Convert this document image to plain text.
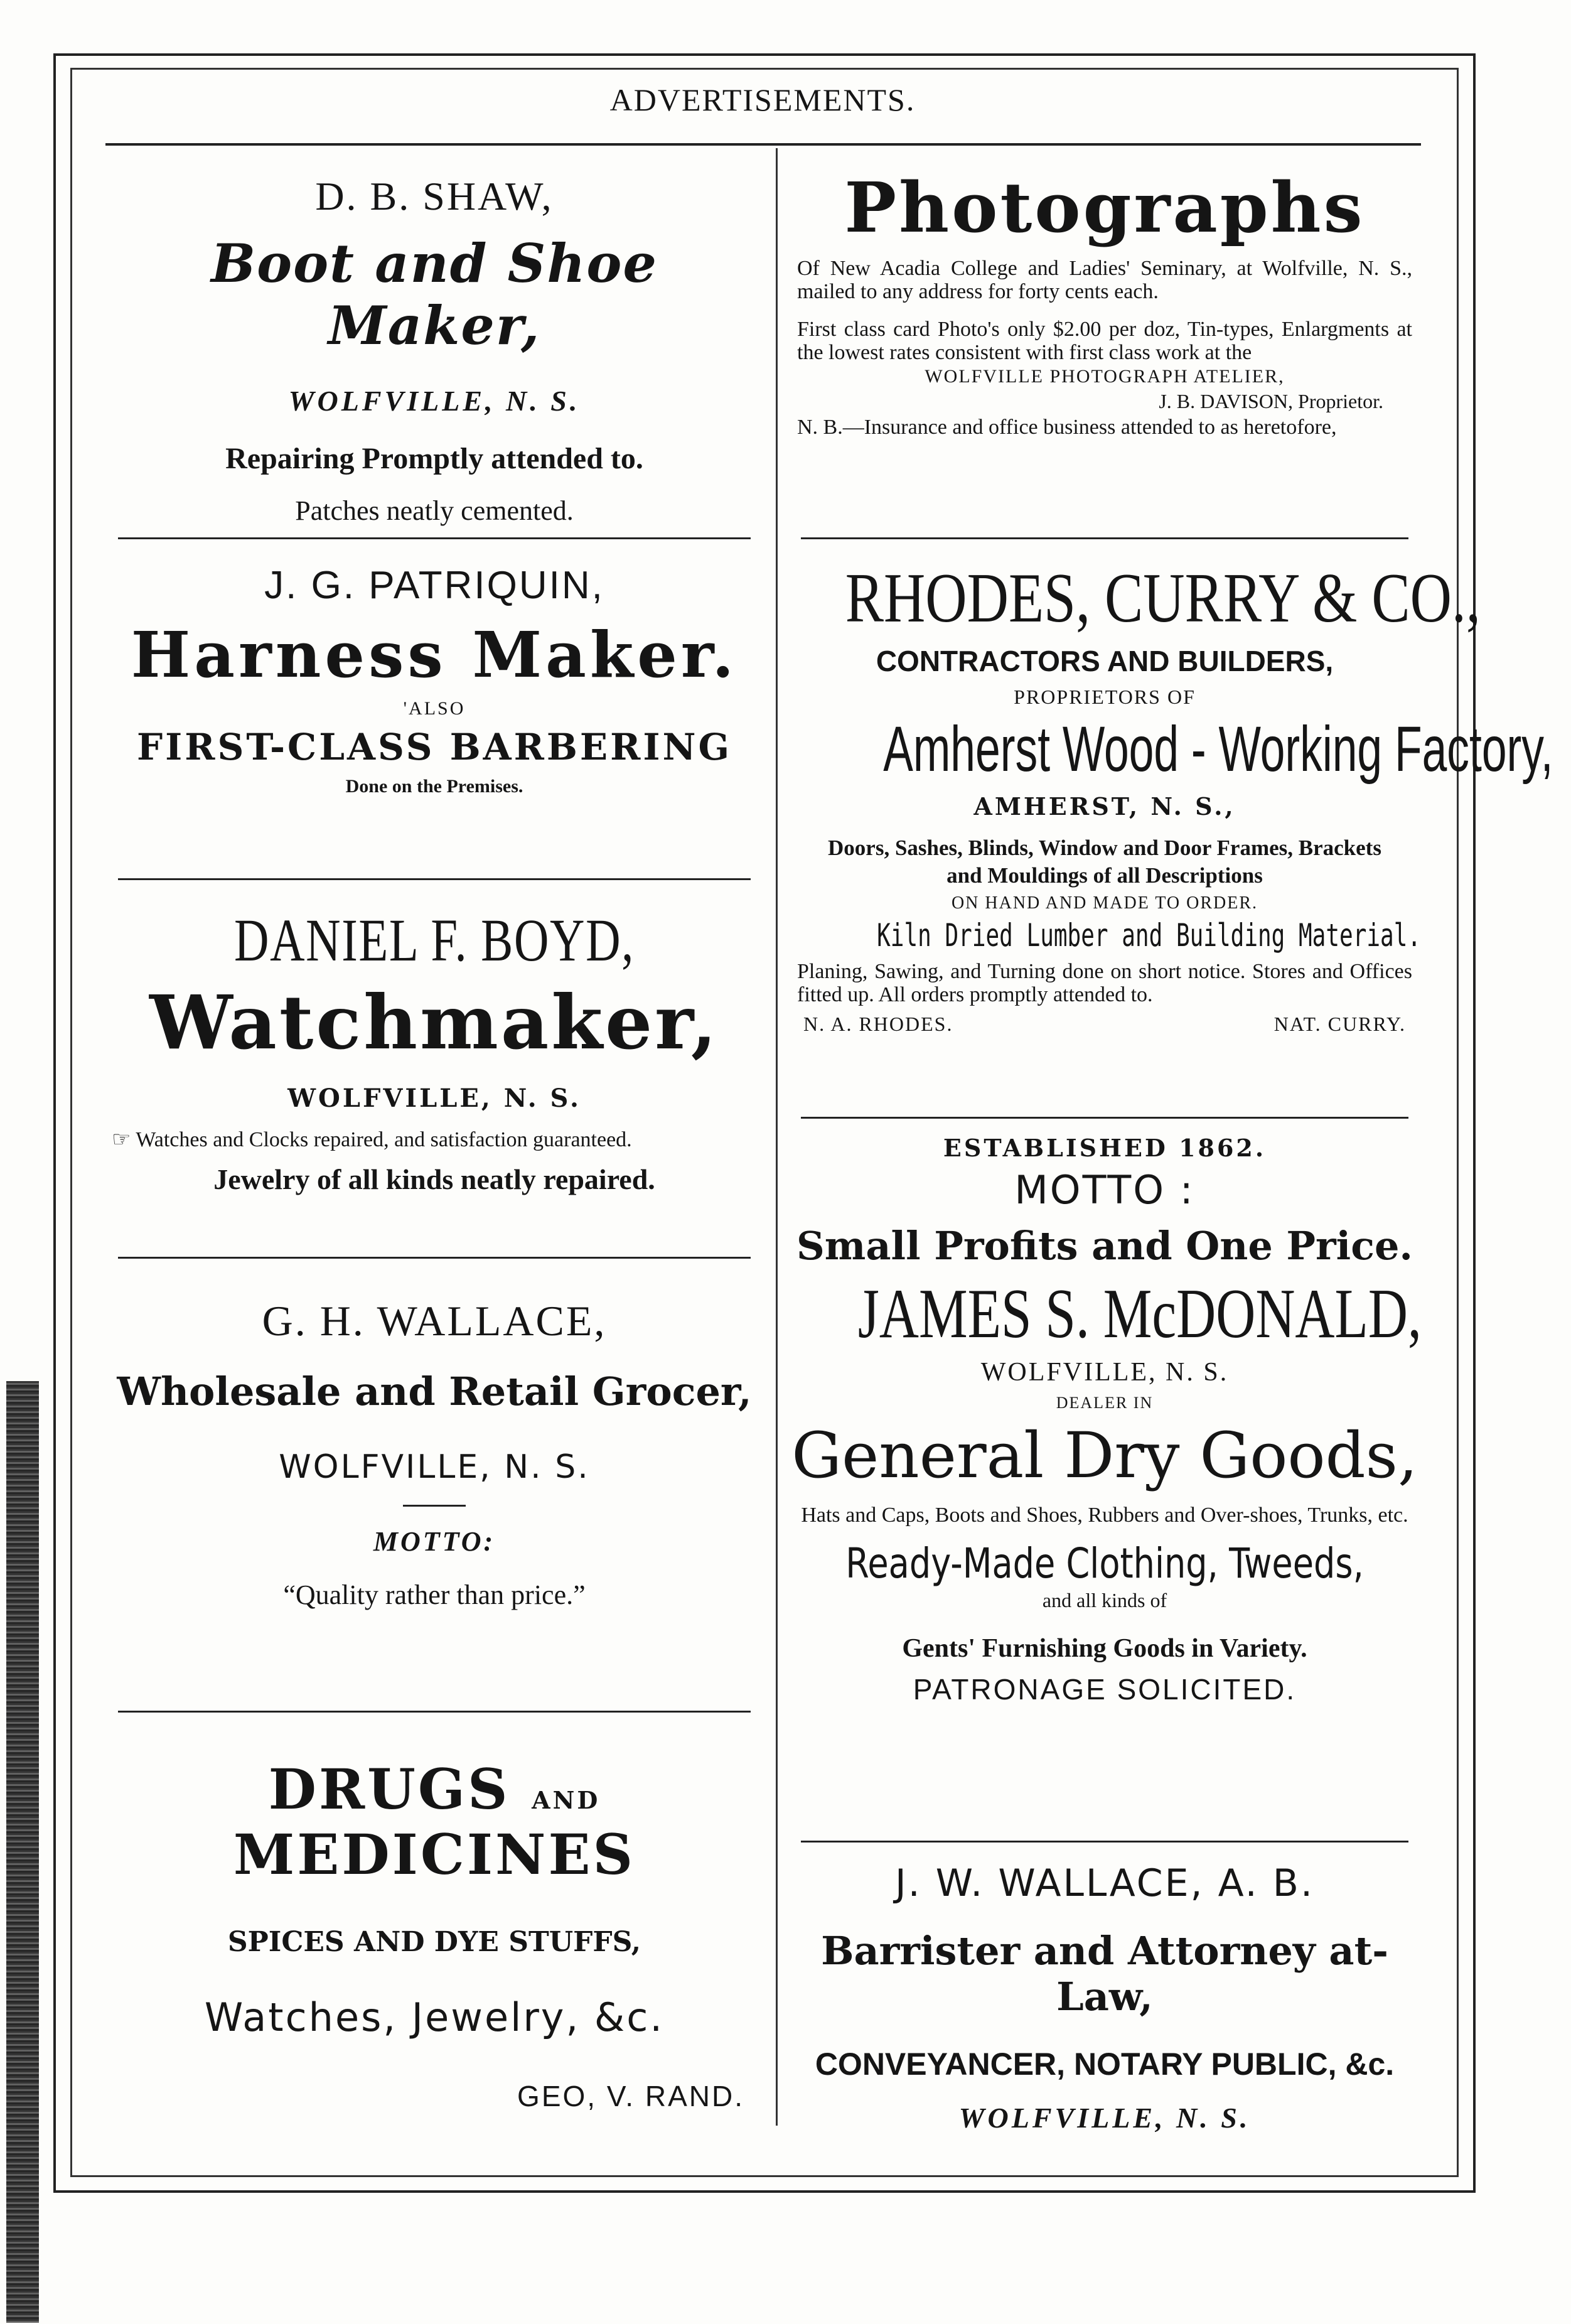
ADVERTISEMENTS.
D. B. SHAW,
Boot and Shoe Maker,
WOLFVILLE, N. S.
Repairing Promptly attended to.
Patches neatly cemented.
J. G. PATRIQUIN,
Harness Maker.
'ALSO
FIRST-CLASS BARBERING
Done on the Premises.
DANIEL F. BOYD,
Watchmaker,
WOLFVILLE, N. S.
☞ Watches and Clocks repaired, and satisfaction guaranteed.
Jewelry of all kinds neatly repaired.
G. H. WALLACE,
Wholesale and Retail Grocer,
WOLFVILLE, N. S.
MOTTO:
“Quality rather than price.”
DRUGS AND MEDICINES
SPICES AND DYE STUFFS,
Watches, Jewelry, &c.
GEO, V. RAND.
Photographs
Of New Acadia College and Ladies' Seminary, at Wolfville, N. S., mailed to any address for forty cents each.
First class card Photo's only $2.00 per doz, Tin-types, Enlargments at the lowest rates consistent with first class work at the
WOLFVILLE PHOTOGRAPH ATELIER,
J. B. DAVISON, Proprietor.
N. B.—Insurance and office business attended to as heretofore,
RHODES, CURRY & CO.,
CONTRACTORS AND BUILDERS,
PROPRIETORS OF
Amherst Wood - Working Factory,
AMHERST, N. S.,
Doors, Sashes, Blinds, Window and Door Frames, Brackets and Mouldings of all Descriptions
ON HAND AND MADE TO ORDER.
Kiln Dried Lumber and Building Material.
Planing, Sawing, and Turning done on short notice. Stores and Offices fitted up. All orders promptly attended to.
N. A. RHODES.	NAT. CURRY.
ESTABLISHED 1862.
MOTTO :
Small Profits and One Price.
JAMES S. McDONALD,
WOLFVILLE, N. S.
DEALER IN
General Dry Goods,
Hats and Caps, Boots and Shoes, Rubbers and Over-shoes, Trunks, etc.
Ready-Made Clothing, Tweeds,
and all kinds of
Gents' Furnishing Goods in Variety.
PATRONAGE SOLICITED.
J. W. WALLACE, A. B.
Barrister and Attorney at-Law,
CONVEYANCER, NOTARY PUBLIC, &c.
WOLFVILLE, N. S.
